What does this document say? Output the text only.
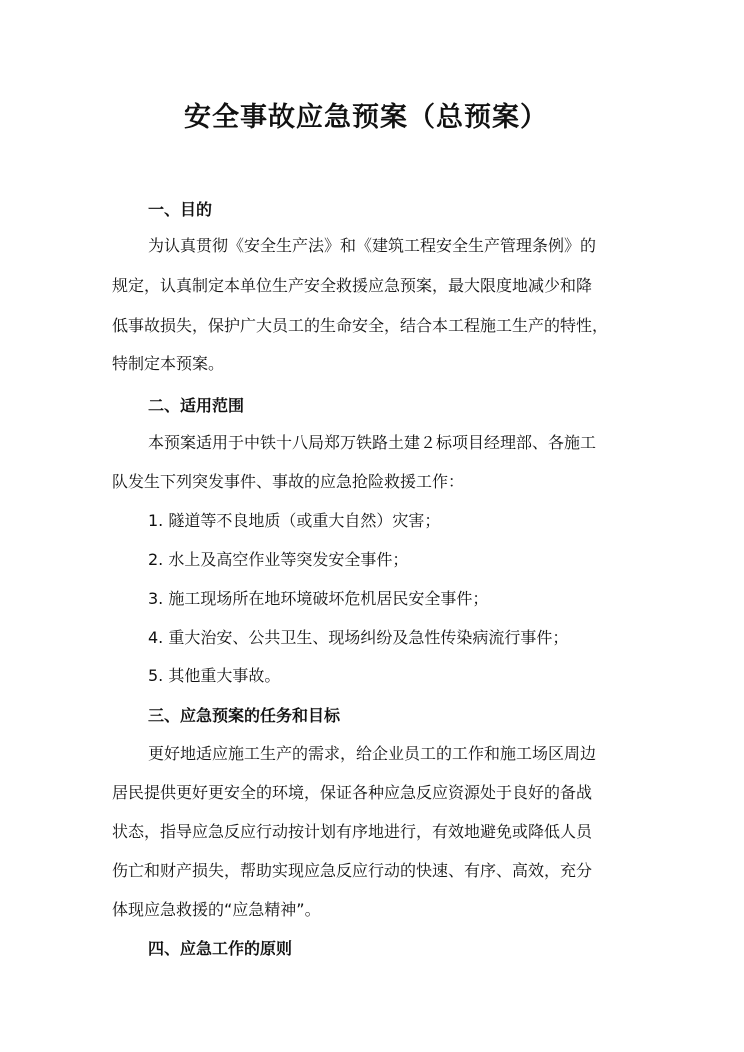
安全事故应急预案（总预案）
一、目的
为认真贯彻《安全生产法》和《建筑工程安全生产管理条例》的
规定，认真制定本单位生产安全救援应急预案，最大限度地减少和降
低事故损失，保护广大员工的生命安全，结合本工程施工生产的特性，
特制定本预案。
二、适用范围
本预案适用于中铁十八局郑万铁路土建２标项目经理部、各施工
队发生下列突发事件、事故的应急抢险救援工作：
1. 隧道等不良地质（或重大自然）灾害；
2. 水上及高空作业等突发安全事件；
3. 施工现场所在地环境破坏危机居民安全事件；
4. 重大治安、公共卫生、现场纠纷及急性传染病流行事件；
5. 其他重大事故。
三、应急预案的任务和目标
更好地适应施工生产的需求，给企业员工的工作和施工场区周边
居民提供更好更安全的环境，保证各种应急反应资源处于良好的备战
状态，指导应急反应行动按计划有序地进行，有效地避免或降低人员
伤亡和财产损失，帮助实现应急反应行动的快速、有序、高效，充分
体现应急救援的“应急精神”。
四、应急工作的原则
